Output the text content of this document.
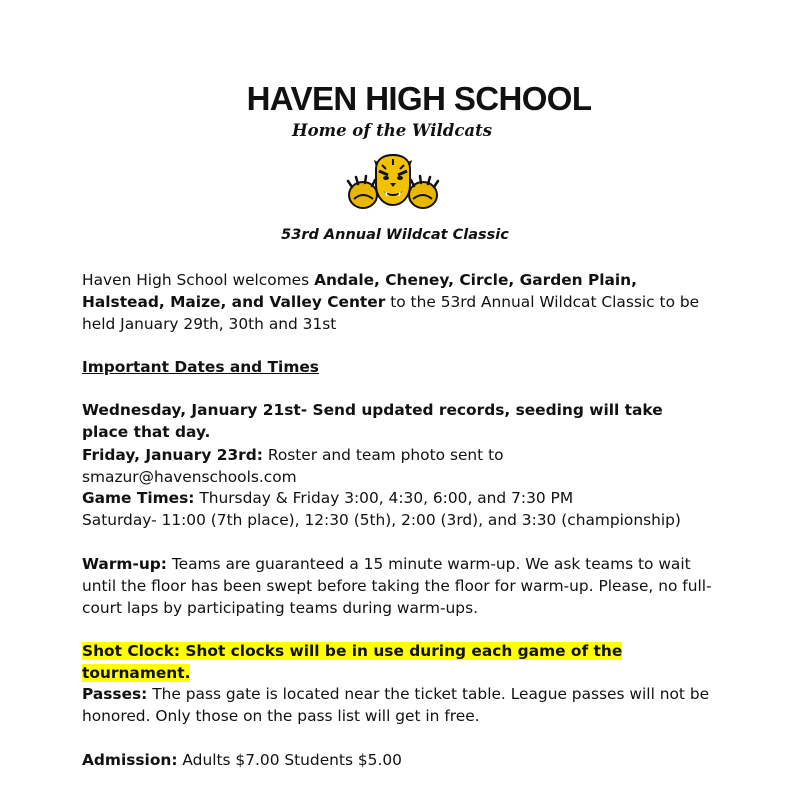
HAVEN HIGH SCHOOL
Home of the Wildcats
53rd Annual Wildcat Classic
Haven High School welcomes Andale, Cheney, Circle, Garden Plain, Halstead, Maize, and Valley Center to the 53rd Annual Wildcat Classic to be held January 29th, 30th and 31st
Important Dates and Times
Wednesday, January 21st- Send updated records, seeding will take place that day.
Friday, January 23rd: Roster and team photo sent to smazur@havenschools.com
Game Times: Thursday & Friday 3:00, 4:30, 6:00, and 7:30 PM
Saturday- 11:00 (7th place), 12:30 (5th), 2:00 (3rd), and 3:30 (championship)
Warm-up: Teams are guaranteed a 15 minute warm-up. We ask teams to wait until the floor has been swept before taking the floor for warm-up. Please, no full-court laps by participating teams during warm-ups.
Shot Clock: Shot clocks will be in use during each game of the tournament.
Passes: The pass gate is located near the ticket table. League passes will not be honored. Only those on the pass list will get in free.
Admission: Adults $7.00 Students $5.00
